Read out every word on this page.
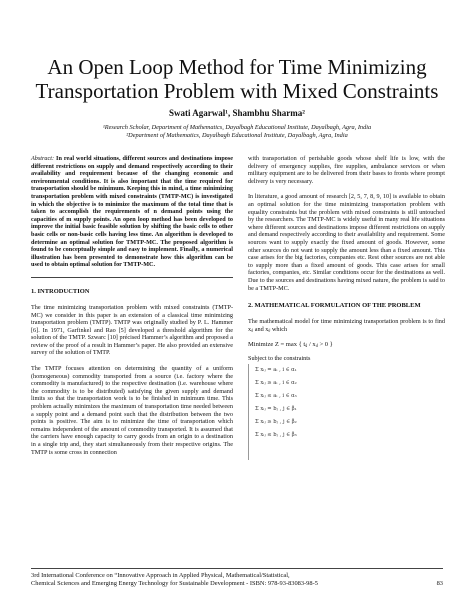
An Open Loop Method for Time Minimizing Transportation Problem with Mixed Constraints
Swati Agarwal¹, Shambhu Sharma²
¹Research Scholar, Department of Mathematics, Dayalbagh Educational Institute, Dayalbagh, Agra, India
²Department of Mathematics, Dayalbagh Educational Institute, Dayalbagh, Agra, India

Abstract: In real world situations, different sources and destinations impose different restrictions on supply and demand respectively according to their availability and requirement because of the changing economic and environmental conditions. It is also important that the time required for transportation should be minimum. Keeping this in mind, a time minimizing transportation problem with mixed constraints (TMTP-MC) is investigated in which the objective is to minimize the maximum of the total time that is taken to accomplish the requirements of n demand points using the capacities of m supply points. An open loop method has been developed to improve the initial basic feasible solution by shifting the basic cells to other basic cells or non-basic cells having less time. An algorithm is developed to determine an optimal solution for TMTP-MC. The proposed algorithm is found to be conceptually simple and easy to implement. Finally, a numerical illustration has been presented to demonstrate how this algorithm can be used to obtain optimal solution for TMTP-MC.

1. INTRODUCTION

The time minimizing transportation problem with mixed constraints (TMTP-MC) we consider in this paper is an extension of a classical time minimizing transportation problem (TMTP). TMTP was originally studied by P. L. Hammer [6]. In 1971, Garfinkel and Rao [5] developed a threshold algorithm for the solution of the TMTP. Szwarc [10] précised Hammer’s algorithm and proposed a review of the proof of a result in Hammer’s paper. He also provided an extensive survey of the solution of TMTP.

The TMTP focuses attention on determining the quantity of a uniform (homogeneous) commodity transported from a source (i.e. factory where the commodity is manufactured) to the respective destination (i.e. warehouse where the commodity is to be distributed) satisfying the given supply and demand limits so that the transportation work is to be finished in minimum time. This problem actually minimizes the maximum of transportation time needed between a supply point and a demand point such that the distribution between the two points is positive. The aim is to minimize the time of transportation which remains independent of the amount of commodity transported. It is assumed that the carriers have enough capacity to carry goods from an origin to a destination in a single trip and, they start simultaneously from their respective origins. The TMTP is some cross in connection

with transportation of perishable goods whose shelf life is low, with the delivery of emergency supplies, fire supplies, ambulance services or when military equipment are to be delivered from their bases to fronts where prompt delivery is very necessary.

In literature, a good amount of research [2, 5, 7, 8, 9, 10] is available to obtain an optimal solution for the time minimizing transportation problem with equality constraints but the problem with mixed constraints is still untouched by the researchers. The TMTP-MC is widely useful in many real life situations where different sources and destinations impose different restrictions on supply and demand respectively according to their availability and requirement. Some sources want to supply exactly the fixed amount of goods. However, some other sources do not want to supply the amount less than a fixed amount. This case arises for the big factories, companies etc. Rest other sources are not able to supply more than a fixed amount of goods. This case arises for small factories, companies, etc. Similar conditions occur for the destinations as well. Due to the sources and destinations having mixed nature, the problem is said to be a TMTP-MC.

2. MATHEMATICAL FORMULATION OF THE PROBLEM

The mathematical model for time minimizing transportation problem is to find xᵢⱼ and xᵢⱼ which

Minimize Z = max { tᵢⱼ / xᵢⱼ > 0 }
Subject to the constraints
Σ xᵢⱼ = aᵢ , i ∈ α₁
Σ xᵢⱼ ≥ aᵢ , i ∈ α₂
Σ xᵢⱼ ≤ aᵢ , i ∈ α₃
Σ xᵢⱼ = bⱼ , j ∈ β₁
Σ xᵢⱼ ≥ bⱼ , j ∈ β₂
Σ xᵢⱼ ≤ bⱼ , j ∈ β₃
3rd International Conference on “Innovative Approach in Applied Physical, Mathematical/Statistical,
Chemical Sciences and Emerging Energy Technology for Sustainable Development - ISBN: 978-93-83083-98-5	83
